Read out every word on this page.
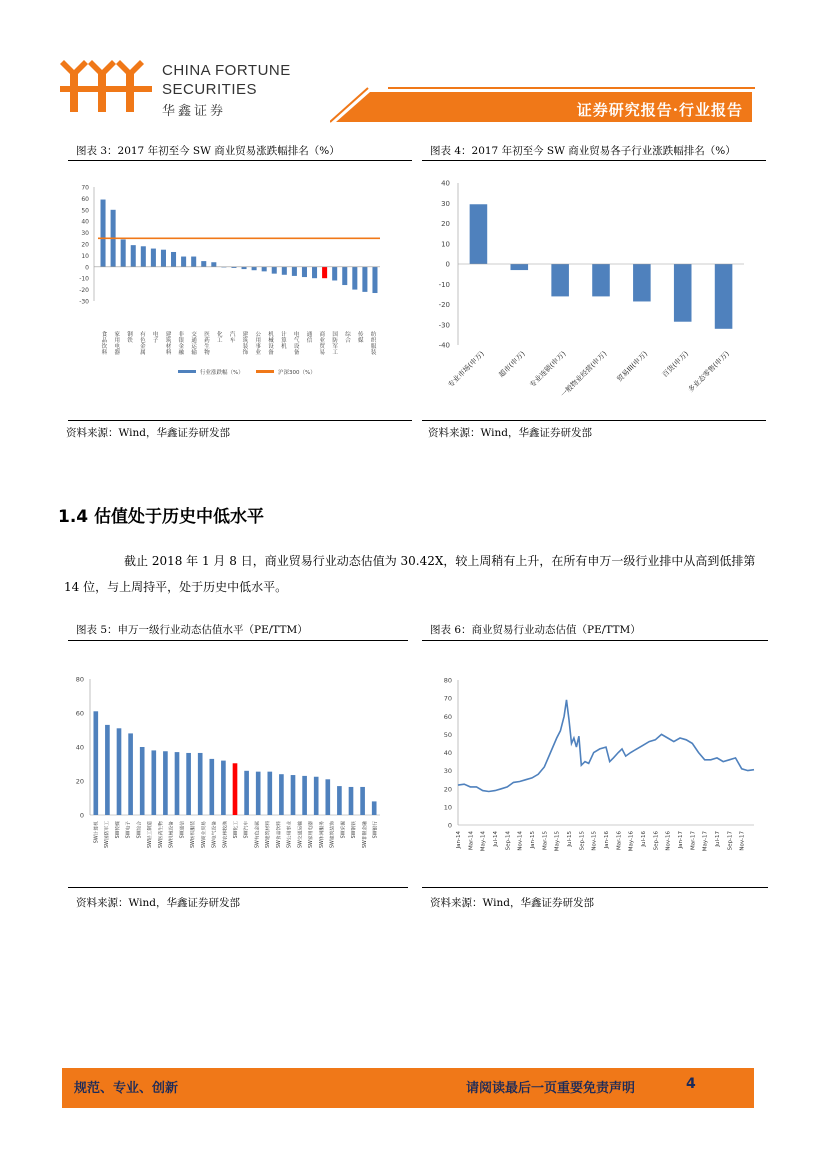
CHINA FORTUNE
SECURITIES
华鑫证券	证券研究报告·行业报告
图表 3：2017 年初至今 SW 商业贸易涨跌幅排名（%）
70
60
50
40
30
20
10
0
-10
-20
-30
食品饮料
家用电器
钢铁
有色金属
电子
建筑材料
非银金融
交通运输
医药生物
化工
汽车
建筑装饰
公用事业
机械设备
计算机
电气设备
通信
商业贸易
国防军工
综合
传媒
纺织服装
行业涨跌幅（%）	沪深300（%）
资料来源：Wind，华鑫证券研发部
图表 4：2017 年初至今 SW 商业贸易各子行业涨跌幅排名（%）
40
30
20
10
0
-10
-20
-30
-40
专业市场(申万) 超市(申万) 专业连锁(申万)
一般物业经营(申万) 贸易III(申万) 百货(申万)
多业态零售(申万)
资料来源：Wind，华鑫证券研发部
1.4 估值处于历史中低水平
截止 2018 年 1 月 8 日，商业贸易行业动态估值为 30.42X，较上周稍有上升，在所有申万一级行业排中从高到低排第 14 位，与上周持平，处于历史中低水平。
图表 5：申万一级行业动态估值水平（PE/TTM）
80
60
40
20
0
SW计算机	SW国防军工	SW传媒	SW电子	SW综合	SW轻工制造	SW医药生物	SW机械设备	SW通信	SW纺织服装	SW商业贸易	SW电气设备	SW农林牧渔	SW化工	SW汽车	SW有色金属	SW建筑材料	SW食品饮料	SW公用事业	SW交通运输	SW家用电器	SW休闲服务	SW建筑装饰	SW采掘	SW钢铁	SW非银金融	SW银行
资料来源：Wind，华鑫证券研发部
图表 6：商业贸易行业动态估值（PE/TTM）
80
70
60
50
40
30
20
10
0
Jan-14 Mar-14 May-14 Jul-14 Sep-14 Nov-14 Jan-15 Mar-15 May-15 Jul-15 Sep-15 Nov-15 Jan-16 Mar-16 May-16 Jul-16 Sep-16 Nov-16 Jan-17 Mar-17 May-17 Jul-17 Sep-17 Nov-17
资料来源：Wind，华鑫证券研发部
规范、专业、创新	请阅读最后一页重要免责声明	4
